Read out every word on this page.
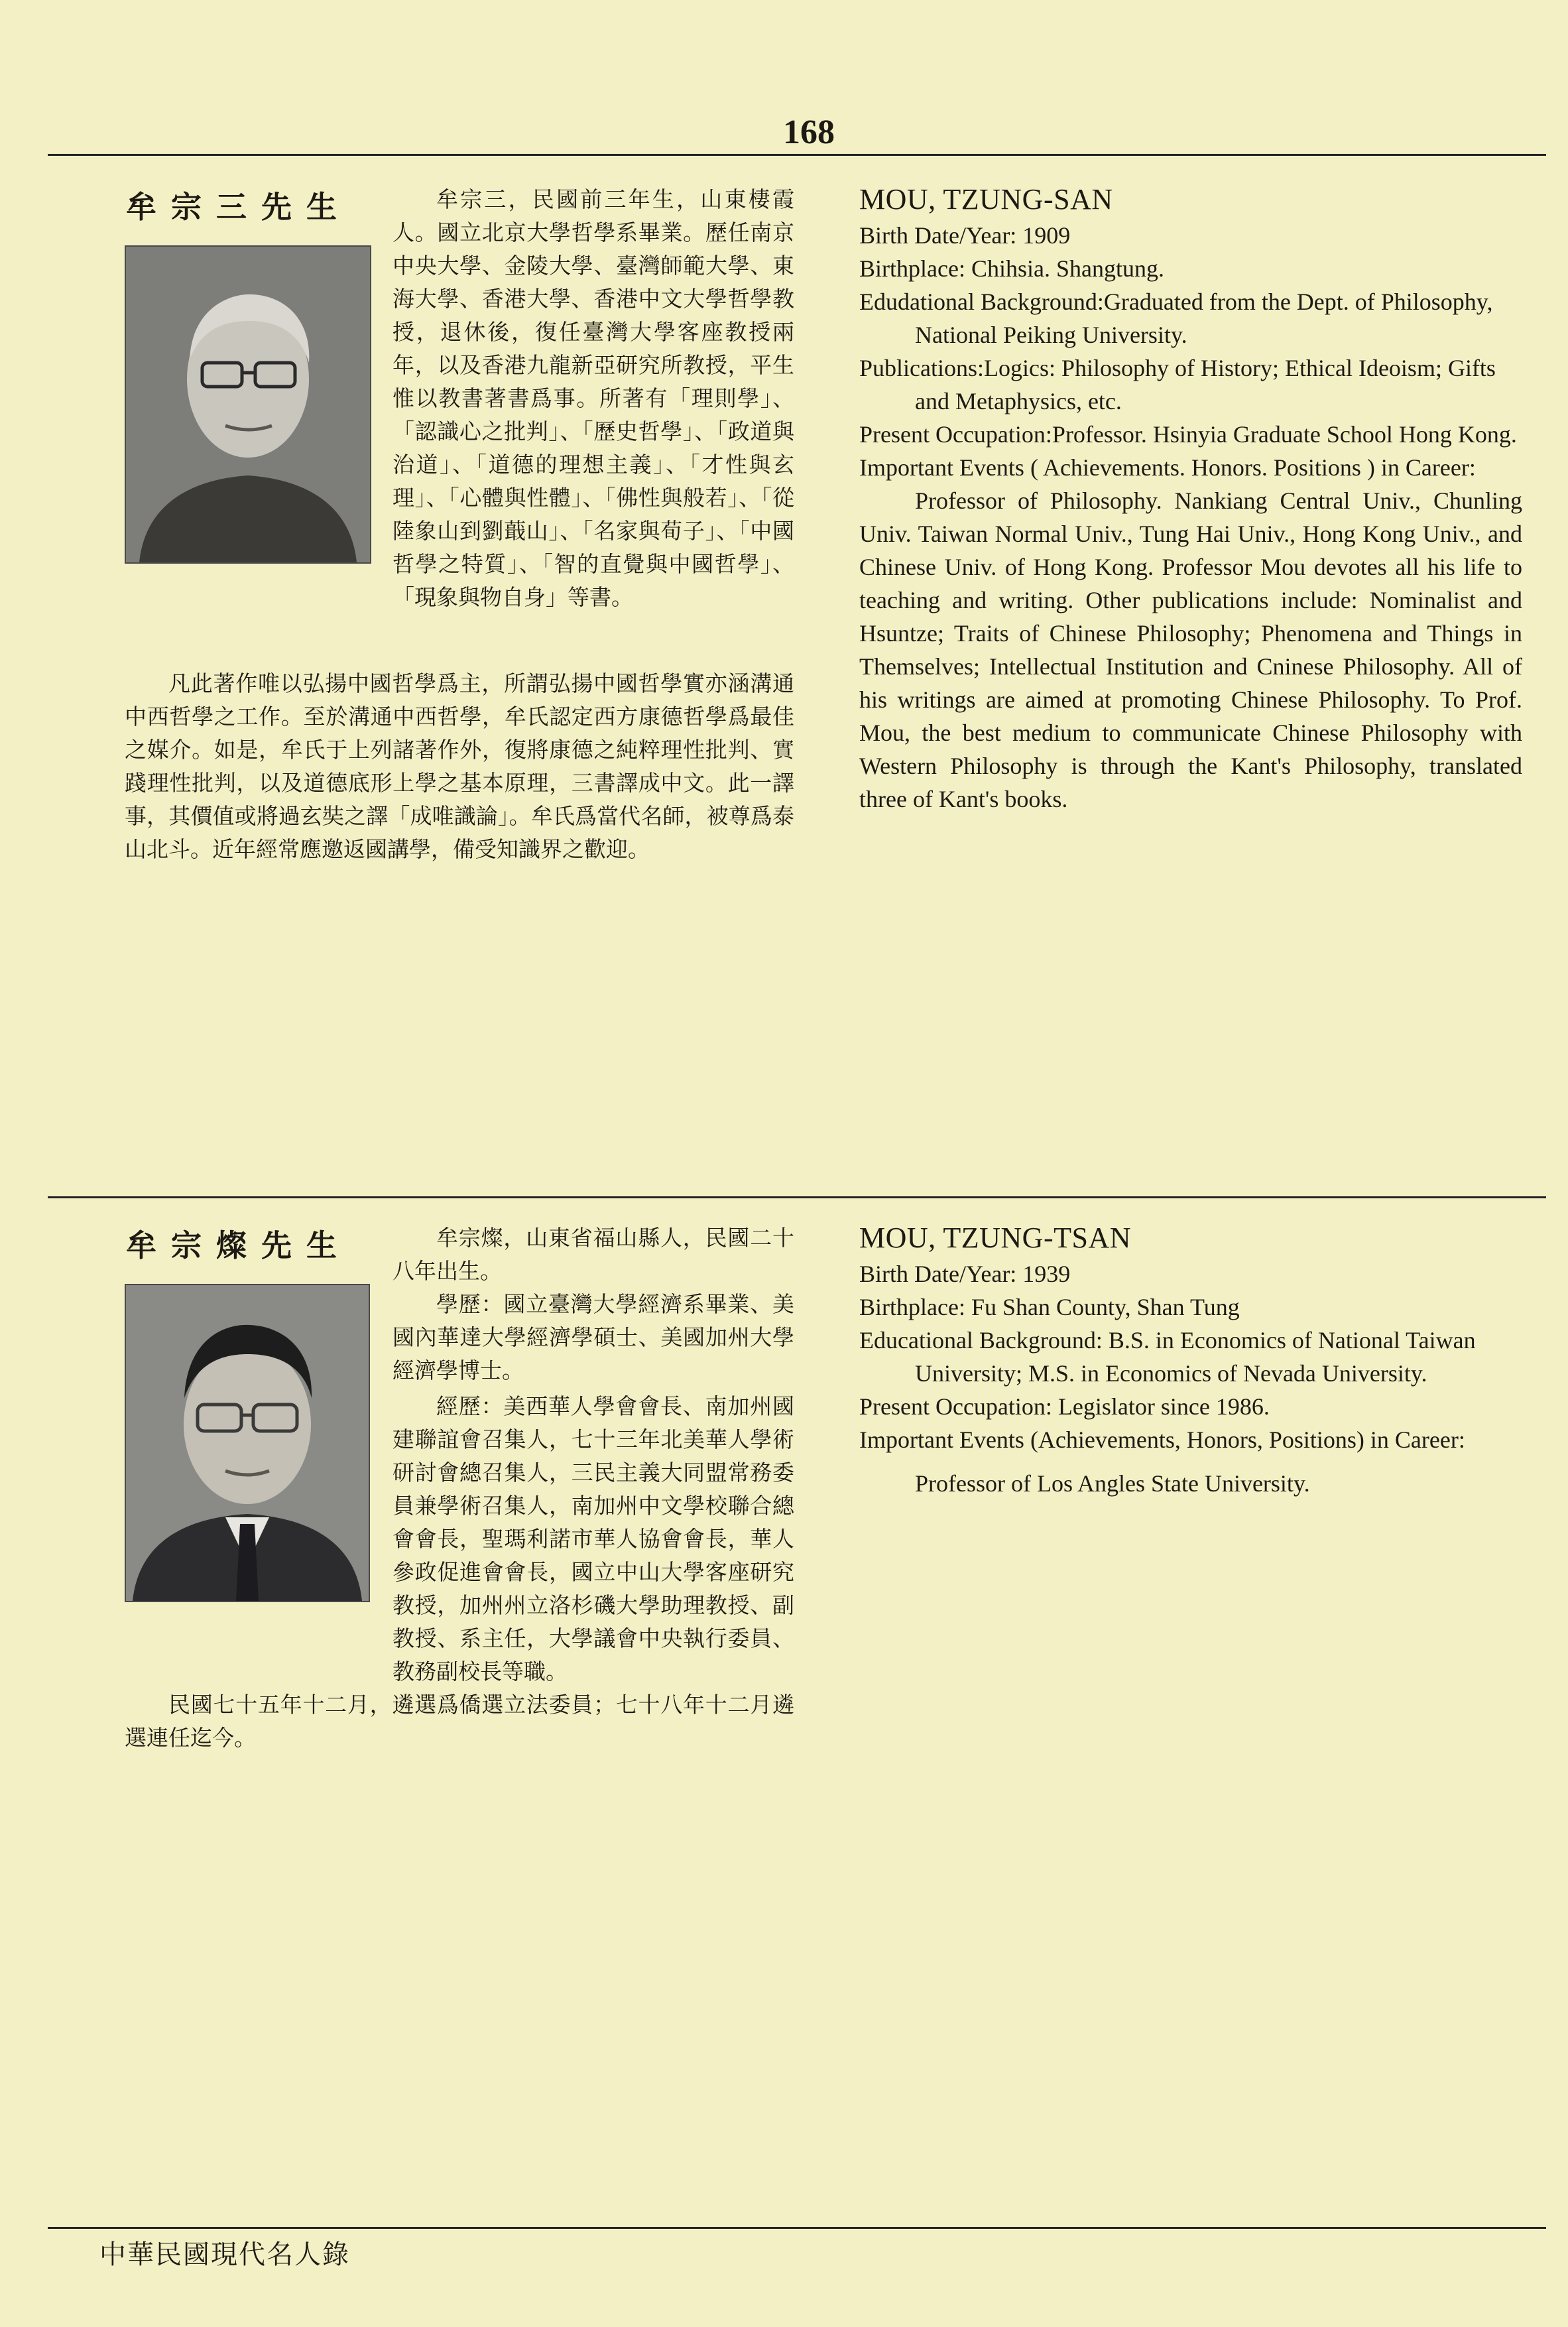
168
中華民國現代名人錄
牟宗三先生	牟宗三，民國前三年生，山東棲霞人。國立北京大學哲學系畢業。歷任南京中央大學、金陵大學、臺灣師範大學、東海大學、香港大學、香港中文大學哲學教授，退休後，復任臺灣大學客座教授兩年，以及香港九龍新亞研究所教授，平生惟以教書著書爲事。所著有「理則學」、「認識心之批判」、「歷史哲學」、「政道與治道」、「道德的理想主義」、「才性與玄理」、「心體與性體」、「佛性與般若」、「從陸象山到劉蕺山」、「名家與荀子」、「中國哲學之特質」、「智的直覺與中國哲學」、「現象與物自身」等書。

凡此著作唯以弘揚中國哲學爲主，所謂弘揚中國哲學實亦涵溝通中西哲學之工作。至於溝通中西哲學，牟氏認定西方康德哲學爲最佳之媒介。如是，牟氏于上列諸著作外，復將康德之純粹理性批判、實踐理性批判，以及道德底形上學之基本原理，三書譯成中文。此一譯事，其價值或將過玄奘之譯「成唯識論」。牟氏爲當代名師，被尊爲泰山北斗。近年經常應邀返國講學，備受知識界之歡迎。

MOU, TZUNG-SAN

Birth Date/Year: 1909

Birthplace: Chihsia. Shangtung.

Edudational Background:Graduated from the Dept. of Philosophy, National Peiking University.

Publications:Logics: Philosophy of History; Ethical Ideoism; Gifts and Metaphysics, etc.

Present Occupation:Professor. Hsinyia Graduate School Hong Kong.

Important Events ( Achievements. Honors. Positions ) in Career:

Professor of Philosophy. Nankiang Central Univ., Chunling Univ. Taiwan Normal Univ., Tung Hai Univ., Hong Kong Univ., and Chinese Univ. of Hong Kong. Professor Mou devotes all his life to teaching and writing. Other publications include: Nominalist and Hsuntze; Traits of Chinese Philosophy; Phenomena and Things in Themselves; Intellectual Institution and Cninese Philosophy. All of his writings are aimed at promoting Chinese Philosophy. To Prof. Mou, the best medium to communicate Chinese Philosophy with Western Philosophy is through the Kant's Philosophy, translated three of Kant's books.

牟宗燦先生	牟宗燦，山東省福山縣人，民國二十八年出生。

學歷：國立臺灣大學經濟系畢業、美國內華達大學經濟學碩士、美國加州大學經濟學博士。

經歷：美西華人學會會長、南加州國建聯誼會召集人，七十三年北美華人學術研討會總召集人，三民主義大同盟常務委員兼學術召集人，南加州中文學校聯合總會會長，聖瑪利諾市華人協會會長，華人參政促進會會長，國立中山大學客座研究教授，加州州立洛杉磯大學助理教授、副教授、系主任，大學議會中央執行委員、教務副校長等職。

民國七十五年十二月，遴選爲僑選立法委員；七十八年十二月遴選連任迄今。

MOU, TZUNG-TSAN

Birth Date/Year: 1939

Birthplace: Fu Shan County, Shan Tung

Educational Background: B.S. in Economics of National Taiwan University; M.S. in Economics of Nevada University.

Present Occupation: Legislator since 1986.

Important Events (Achievements, Honors, Positions) in Career:

Professor of Los Angles State University.
